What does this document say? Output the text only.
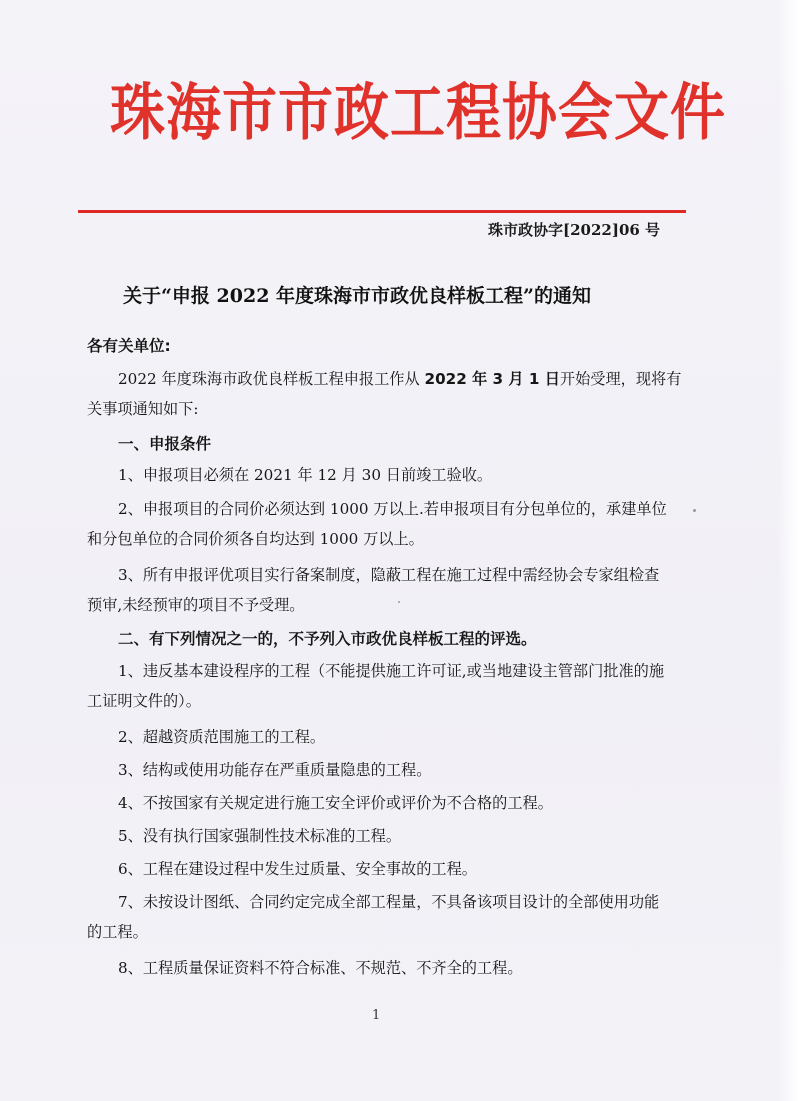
珠海市市政工程协会文件
珠市政协字[2022]06 号
关于“申报 2022 年度珠海市市政优良样板工程”的通知
各有关单位:
2022 年度珠海市政优良样板工程申报工作从 2022 年 3 月 1 日开始受理，现将有
关事项通知如下:
一、申报条件
1、申报项目必须在 2021 年 12 月 30 日前竣工验收。
2、申报项目的合同价必须达到 1000 万以上.若申报项目有分包单位的，承建单位
和分包单位的合同价须各自均达到 1000 万以上。
3、所有申报评优项目实行备案制度，隐蔽工程在施工过程中需经协会专家组检查
预审,未经预审的项目不予受理。
二、有下列情况之一的，不予列入市政优良样板工程的评选。
1、违反基本建设程序的工程（不能提供施工许可证,或当地建设主管部门批准的施
工证明文件的）。
2、超越资质范围施工的工程。
3、结构或使用功能存在严重质量隐患的工程。
4、不按国家有关规定进行施工安全评价或评价为不合格的工程。
5、没有执行国家强制性技术标准的工程。
6、工程在建设过程中发生过质量、安全事故的工程。
7、未按设计图纸、合同约定完成全部工程量，不具备该项目设计的全部使用功能
的工程。
8、工程质量保证资料不符合标准、不规范、不齐全的工程。
1
